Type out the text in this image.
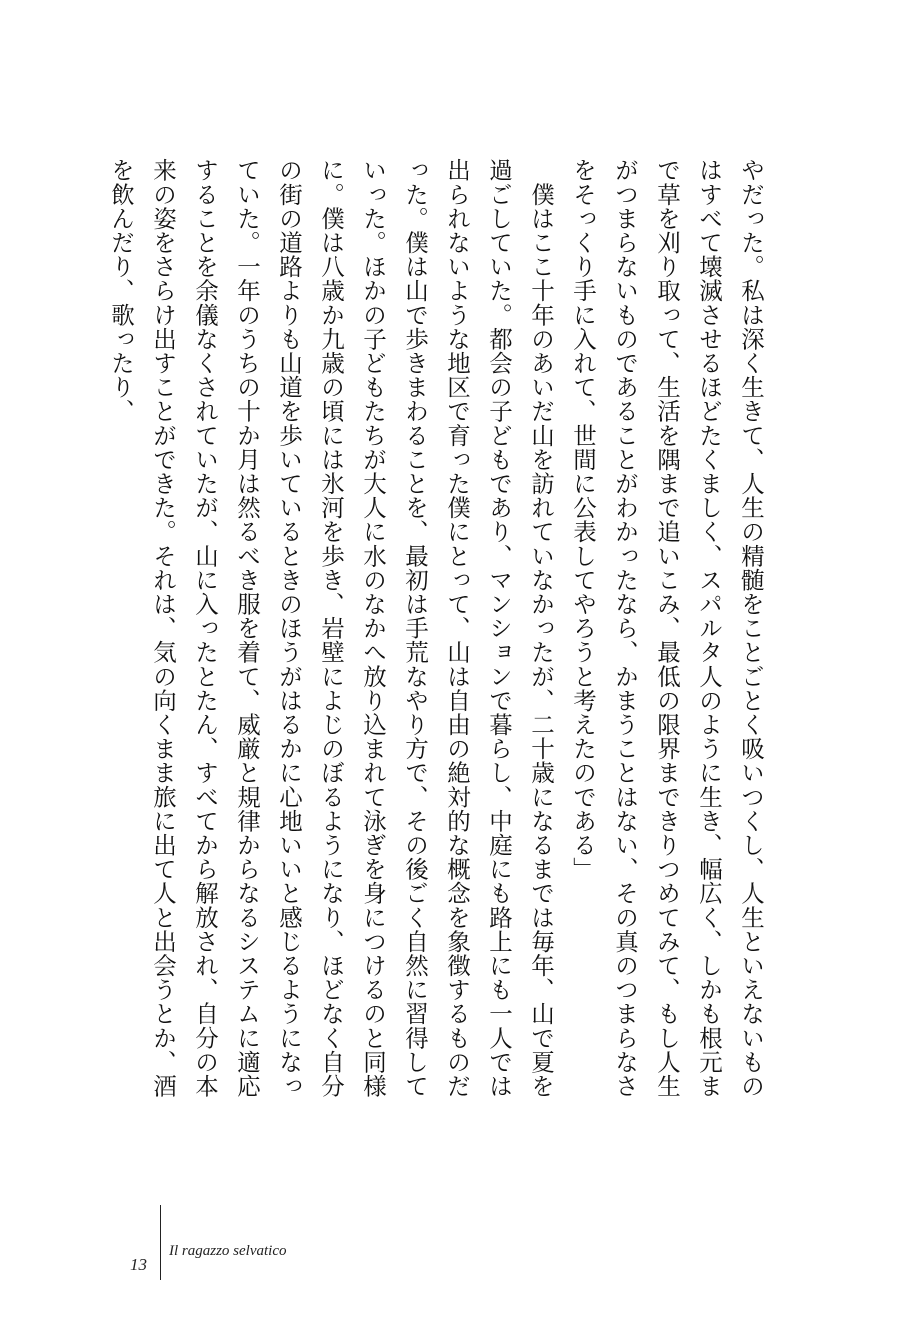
やだった。私は深く生きて、人生の精髄をことごとく吸いつくし、人生といえないものはすべて壊滅させるほどたくましく、スパルタ人のように生き、幅広く、しかも根元まで草を刈り取って、生活を隅まで追いこみ、最低の限界まできりつめてみて、もし人生がつまらないものであることがわかったなら、かまうことはない、その真のつまらなさをそっくり手に入れて、世間に公表してやろうと考えたのである」

　僕はここ十年のあいだ山を訪れていなかったが、二十歳になるまでは毎年、山で夏を過ごしていた。都会の子どもであり、マンションで暮らし、中庭にも路上にも一人では出られないような地区で育った僕にとって、山は自由の絶対的な概念を象徴するものだった。僕は山で歩きまわることを、最初は手荒なやり方で、その後ごく自然に習得していった。ほかの子どもたちが大人に水のなかへ放り込まれて泳ぎを身につけるのと同様に。僕は八歳か九歳の頃には氷河を歩き、岩壁によじのぼるようになり、ほどなく自分の街の道路よりも山道を歩いているときのほうがはるかに心地いいと感じるようになっていた。一年のうちの十か月は然るべき服を着て、威厳と規律からなるシステムに適応することを余儀なくされていたが、山に入ったとたん、すべてから解放され、自分の本来の姿をさらけ出すことができた。それは、気の向くまま旅に出て人と出会うとか、酒を飲んだり、歌ったり、

13
Il ragazzo selvatico
